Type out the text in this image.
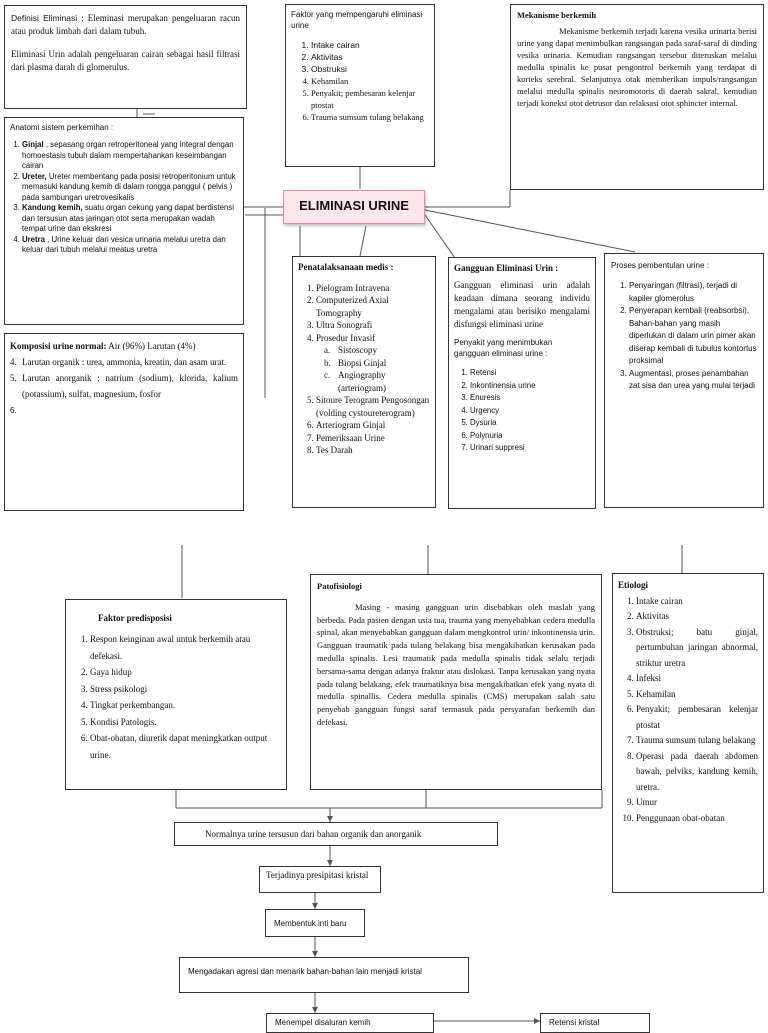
Definisi Eliminasi : Eleminasi merupakan pengeluaran racun atau produk limbah dari dalam tubuh.
Eliminasi Urin adalah pengeluaran cairan sebagai hasil filtrasi dari plasma darah di glomerulus.
Faktor yang mempengaruhi eliminasi urine
1. Intake cairan
2. Aktivitas
3. Obstruksi
4. Kehamilan
5. Penyakit; pembesaran kelenjar ptostat
6. Trauma sumsum tulang belakang
Mekanisme berkemih
Mekanisme berkemih terjadi karena vesika urinaria berisi urine yang dapat menimbulkan rangsangan pada saraf-saraf di dinding vesika urinaria. Kemudian rangsangan tersebut diteruskan melalui medulla spinalis ke pusat pengontrol berkemih yang terdapat di korteks serebral. Selanjutnya otak memberikan impuls/rangsangan melalui medulla spinalis neuromotoris di daerah sakral, kemudian terjadi koneksi otot detrusor dan relaksasi otot sphincter internal.
Anatomi sistem perkemihan :
1. Ginjal , sepasang organ retroperitoneal yang integral dengan homoestasis tubuh dalam mempertahankan keseimbangan cairan
2. Ureter, Ureter membentang pada posisi retroperitonium untuk memasuki kandung kemih di dalam rongga panggul ( pelvis ) pada sambungan uretrovesikalis
3. Kandung kemih, suatu organ cekung yang dapat berdistensi dan tersusun atas jaringan otot serta merupakan wadah tempat urine dan ekskresi
4. Uretra , Urine keluar dari vesica urinaria melalui uretra dan keluar dari tubuh melalui meatus uretra
ELIMINASI URINE
Komposisi urine normal: Air (96%) Larutan (4%)
4. Larutan organik : urea, ammonia, kreatin, dan asam urat.
5. Larutan anorganik : natrium (sodium), klorida, kalium (potassium), sulfat, magnesium, fosfor
6.
Penatalaksanaan medis :
1. Pielogram Intravena
2. Computerized Axial Tomography
3. Ultra Sonografi
4. Prosedur Invasif
a. Sistoscopy
b. Biopsi Ginjal
c. Angiography (arteriogram)
5. Sitoure Terogram Pengosongan (volding cystoureterogram)
6. Arteriogram Ginjal
7. Pemeriksaan Urine
8. Tes Darah
Gangguan Eliminasi Urin :
Gangguan eliminasi urin adalah keadaan dimana seorang individu mengalami atau berisiko mengalami disfungsi eliminasi urine
Penyakit yang menimbukan gangguan eliminasi urine :
1. Retensi
2. Inkontinensia urine
3. Enuresis
4. Urgency
5. Dysuria
6. Polynuria
7. Urinari suppresi
Proses pembentulan urine :
1. Penyaringan (filtrasi), terjadi di kapiler glomerolus
2. Penyerapan kembali (reabsorbsi), Bahan-bahan yang masih diperlukan di dalam urin pimer akan diserap kembali di tubulus kontortus proksimal
3. Augmentasi, proses penambahan zat sisa dan urea yang mulai terjadi
Faktor predisposisi
1. Respon keinginan awal untuk berkemih atau defekasi.
2. Gaya hidup
3. Stress psikologi
4. Tingkat perkembangan.
5. Kondisi Patologis.
6. Obat-obatan, diuretik dapat meningkatkan output urine.
Patofisiologi
Masing - masing gangguan urin disebabkan oleh maslah yang berbeda. Pada pasien dengan usia tua, trauma yang menyebabkan cedera medulla spinal, akan menyebabkan gangguan dalam mengkontrol urin/ inkontinensia urin. Gangguan traumatik pada tulang belakang bisa mengakibatkan kerusakan pada medulla spinalis. Lesi traumatik pada medulla spinalis tidak selalu terjadi bersama-sama dengan adanya fraktur atau dislokasi. Tanpa kerusakan yang nyata pada tulang belakang, efek traumatiknya bisa mengakibatkan efek yang nyata di medulla spinallis. Cedera medulla spinalis (CMS) merupakan salah satu penyebab gangguan fungsi saraf termasuk pada persyarafan berkemih dan defekasi.
Etiologi
1. Intake cairan
2. Aktivitas
3. Obstruksi; batu ginjal, pertumbuhan jaringan abnormal, striktur uretra
4. Infeksi
5. Kehamilan
6. Penyakit; pembesaran kelenjar ptostat
7. Trauma sumsum tulang belakang
8. Operasi pada daerah abdomen bawah, pelviks, kandung kemih, uretra.
9. Umur
10. Penggunaan obat-obatan
Normalnya urine tersusun dari bahan organik dan anorganik
Terjadinya presipitasi kristal
Membentuk inti baru
Mengadakan agresi dan menarik bahan-bahan lain menjadi kristal
Menempel disaluran kemih	Retensi kristal
